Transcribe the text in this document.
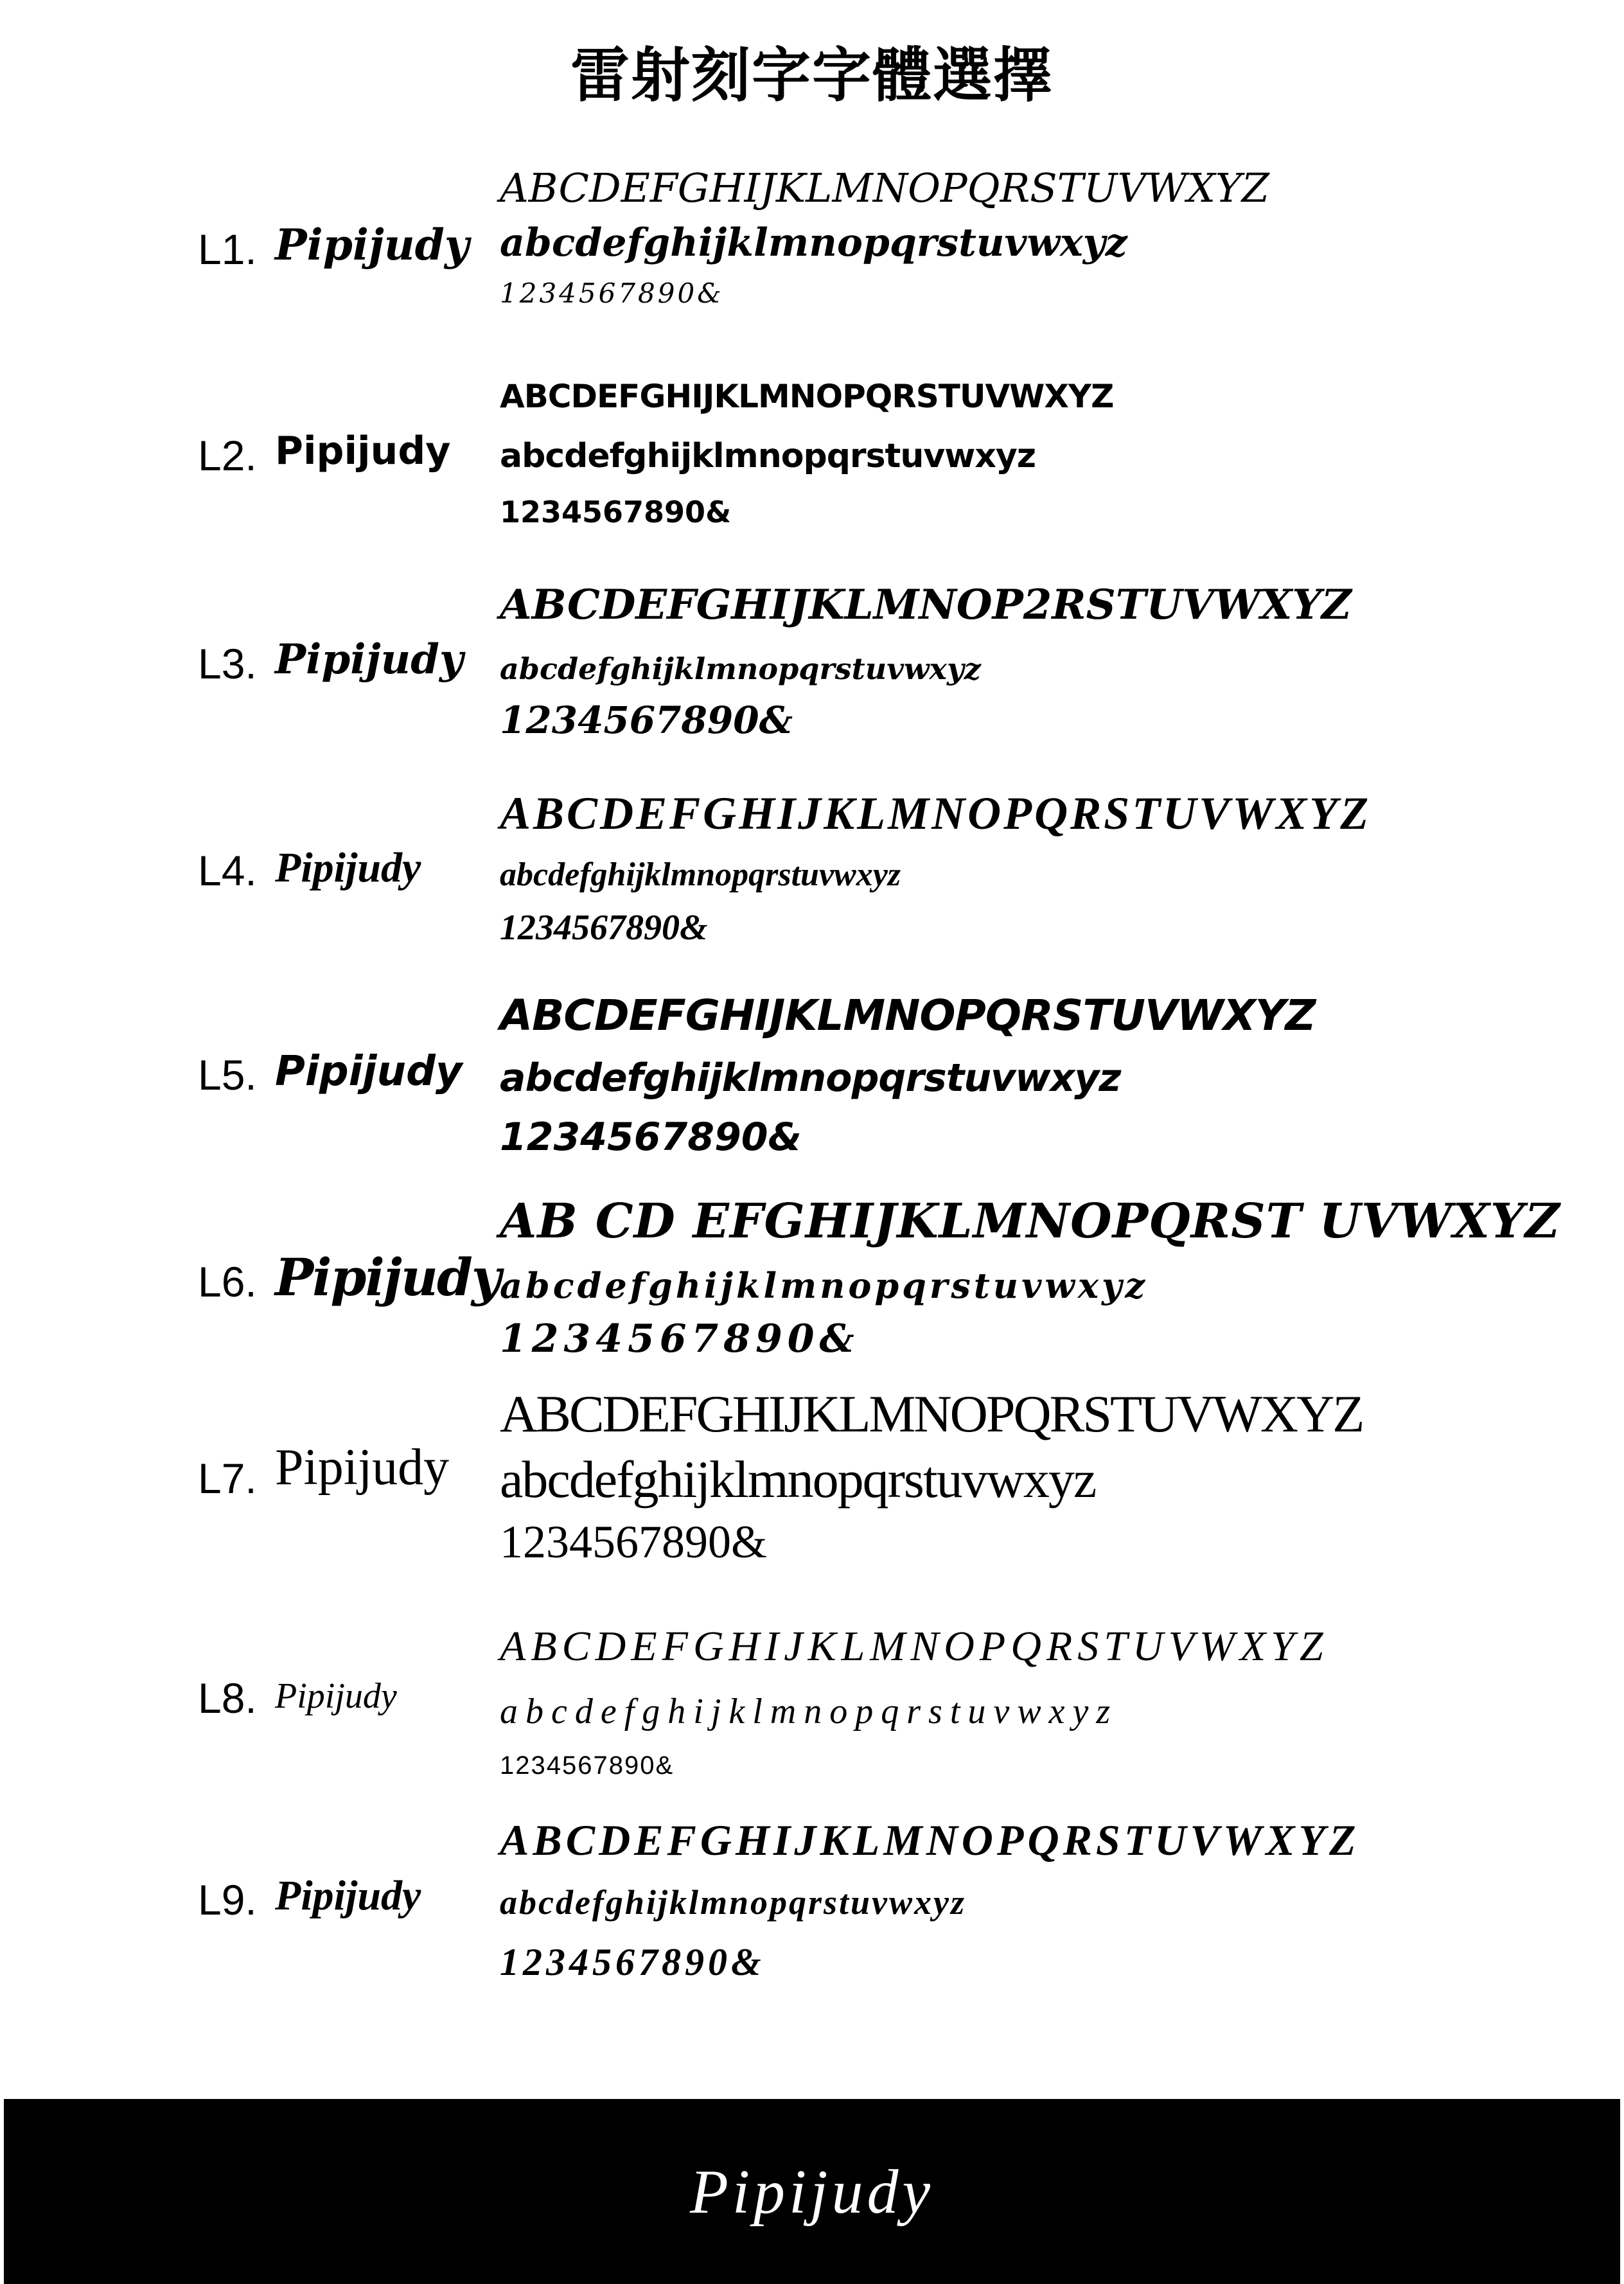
雷射刻字字體選擇
L1. Pipijudy
ABCDEFGHIJKLMNOPQRSTUVWXYZ
abcdefghijklmnopqrstuvwxyz
1234567890&
L2. Pipijudy
ABCDEFGHIJKLMNOPQRSTUVWXYZ
abcdefghijklmnopqrstuvwxyz
1234567890&
L3. Pipijudy
ABCDEFGHIJKLMNOP2RSTUVWXYZ
abcdefghijklmnopqrstuvwxyz
1234567890&
L4. Pipijudy
ABCDEFGHIJKLMNOPQRSTUVWXYZ
abcdefghijklmnopqrstuvwxyz
1234567890&
L5. Pipijudy
ABCDEFGHIJKLMNOPQRSTUVWXYZ
abcdefghijklmnopqrstuvwxyz
1234567890&
L6. Pipijudy
AB CD EFGHIJKLMNOPQRST UVWXYZ
abcdefghijklmnopqrstuvwxyz
1234567890&
L7. Pipijudy
ABCDEFGHIJKLMNOPQRSTUVWXYZ
abcdefghijklmnopqrstuvwxyz
1234567890&
L8. Pipijudy
ABCDEFGHIJKLMNOPQRSTUVWXYZ
abcdefghijklmnopqrstuvwxyz
1234567890&
L9. Pipijudy
ABCDEFGHIJKLMNOPQRSTUVWXYZ
abcdefghijklmnopqrstuvwxyz
1234567890&
Pipijudy
